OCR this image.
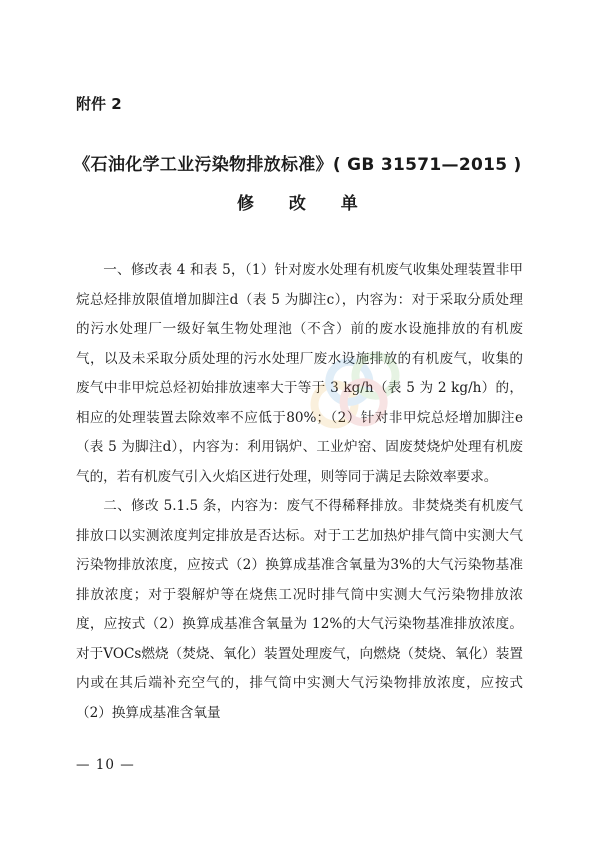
附件 2
《石油化学工业污染物排放标准》( GB 31571—2015 )
修　　改　　单

一、修改表 4 和表 5，（1）针对废水处理有机废气收集处理装置非甲烷总烃排放限值增加脚注d（表 5 为脚注c），内容为：对于采取分质处理的污水处理厂一级好氧生物处理池（不含）前的废水设施排放的有机废气，以及未采取分质处理的污水处理厂废水设施排放的有机废气，收集的废气中非甲烷总烃初始排放速率大于等于 3 kg/h（表 5 为 2 kg/h）的，相应的处理装置去除效率不应低于80%；（2）针对非甲烷总烃增加脚注e（表 5 为脚注d），内容为：利用锅炉、工业炉窑、固废焚烧炉处理有机废气的，若有机废气引入火焰区进行处理，则等同于满足去除效率要求。

二、修改 5.1.5 条，内容为：废气不得稀释排放。非焚烧类有机废气排放口以实测浓度判定排放是否达标。对于工艺加热炉排气筒中实测大气污染物排放浓度，应按式（2）换算成基准含氧量为3%的大气污染物基准排放浓度；对于裂解炉等在烧焦工况时排气筒中实测大气污染物排放浓度，应按式（2）换算成基准含氧量为 12%的大气污染物基准排放浓度。对于VOCs燃烧（焚烧、氧化）装置处理废气，向燃烧（焚烧、氧化）装置内或在其后端补充空气的，排气筒中实测大气污染物排放浓度，应按式（2）换算成基准含氧量

— 10 —
